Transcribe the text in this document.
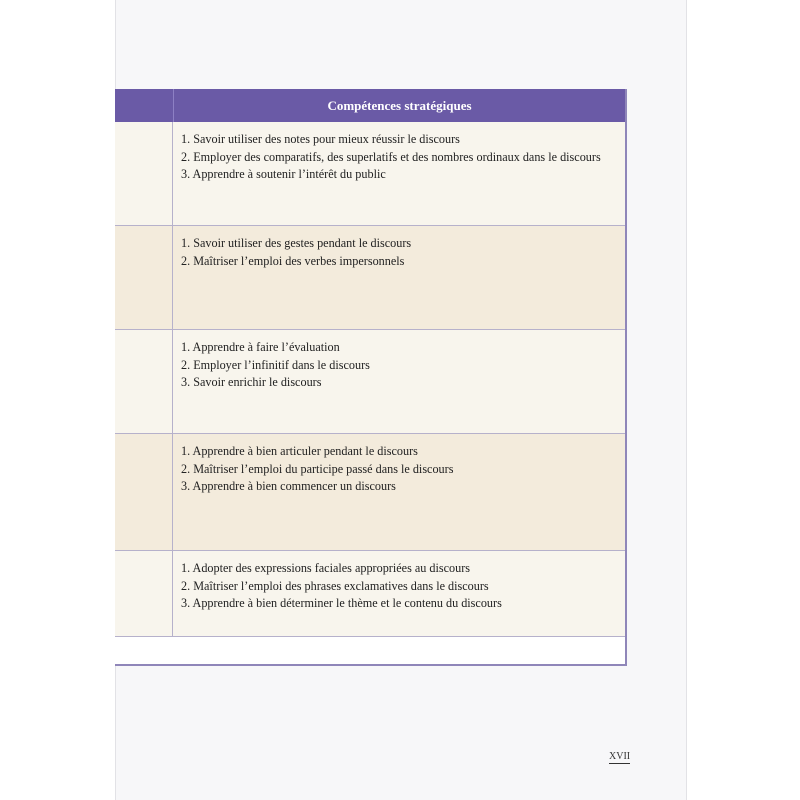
Compétences stratégiques
1. Savoir utiliser des notes pour mieux réussir le discours
2. Employer des comparatifs, des superlatifs et des nombres ordinaux dans le discours
3. Apprendre à soutenir l’intérêt du public
1. Savoir utiliser des gestes pendant le discours
2. Maîtriser l’emploi des verbes impersonnels
1. Apprendre à faire l’évaluation
2. Employer l’infinitif dans le discours
3. Savoir enrichir le discours
1. Apprendre à bien articuler pendant le discours
2. Maîtriser l’emploi du participe passé dans le discours
3. Apprendre à bien commencer un discours
1. Adopter des expressions faciales appropriées au discours
2. Maîtriser l’emploi des phrases exclamatives dans le discours
3. Apprendre à bien déterminer le thème et le contenu du discours
XVII
